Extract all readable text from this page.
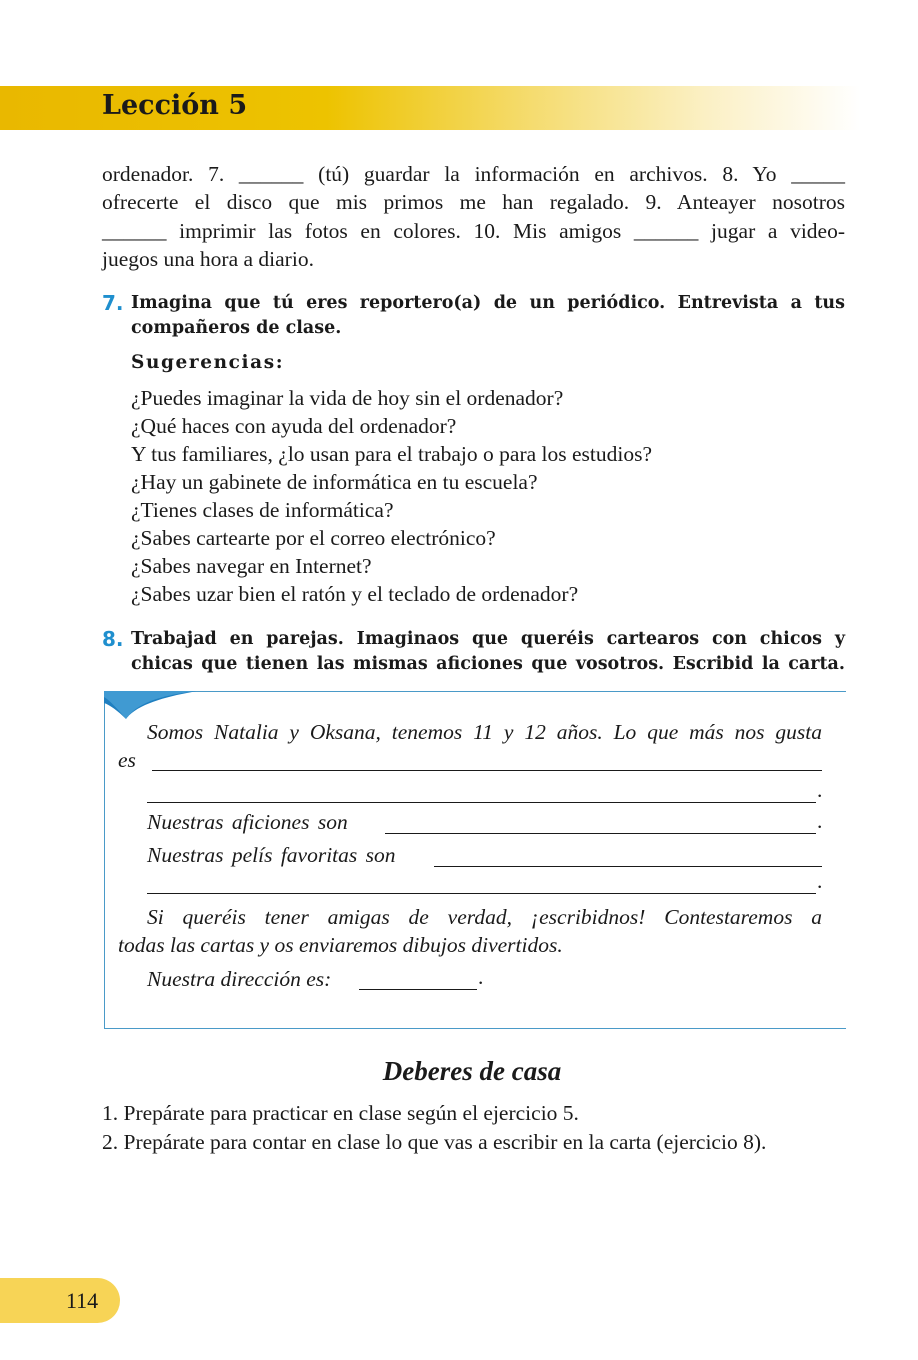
Lección 5
ordenador. 7. ______ (tú) guardar la información en archivos. 8. Yo _____
ofrecerte el disco que mis primos me han regalado. 9. Anteayer nosotros
______ imprimir las fotos en colores. 10. Mis amigos ______ jugar a video-
juegos una hora a diario.
7. Imagina que tú eres reportero(a) de un periódico. Entrevista a tus
compañeros de clase.
Sugerencias:
¿Puedes imaginar la vida de hoy sin el ordenador?
¿Qué haces con ayuda del ordenador?
Y tus familiares, ¿lo usan para el trabajo o para los estudios?
¿Hay un gabinete de informática en tu escuela?
¿Tienes clases de informática?
¿Sabes cartearte por el correo electrónico?
¿Sabes navegar en Internet?
¿Sabes uzar bien el ratón y el teclado de ordenador?
8. Trabajad en parejas. Imaginaos que queréis cartearos con chicos y
chicas que tienen las mismas aficiones que vosotros. Escribid la carta.
Somos Natalia y Oksana, tenemos 11 y 12 años. Lo que más nos gusta
es
.
Nuestras aficiones son	.
Nuestras pelís favoritas son
.
Si queréis tener amigas de verdad, ¡escribidnos! Contestaremos a
todas las cartas y os enviaremos dibujos divertidos.
Nuestra dirección es:	.
Deberes de casa
1. Prepárate para practicar en clase según el ejercicio 5.
2. Prepárate para contar en clase lo que vas a escribir en la carta (ejercicio 8).
114
